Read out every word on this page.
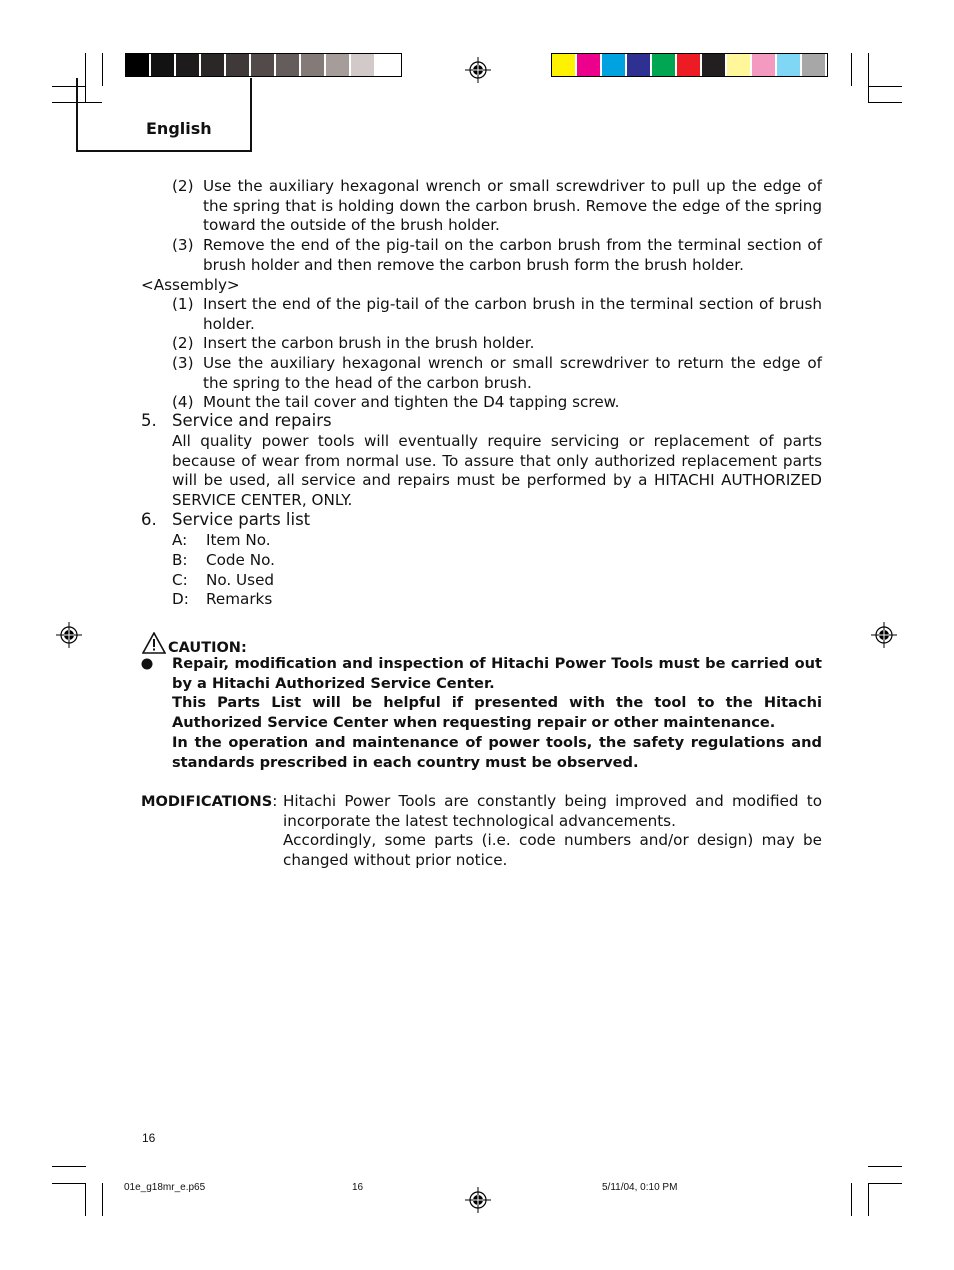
English
(2) Use the auxiliary hexagonal wrench or small screwdriver to pull up the edge of the spring that is holding down the carbon brush. Remove the edge of the spring toward the outside of the brush holder.
(3) Remove the end of the pig-tail on the carbon brush from the terminal section of brush holder and then remove the carbon brush form the brush holder.
<Assembly>
(1) Insert the end of the pig-tail of the carbon brush in the terminal section of brush holder.
(2) Insert the carbon brush in the brush holder.
(3) Use the auxiliary hexagonal wrench or small screwdriver to return the edge of the spring to the head of the carbon brush.
(4) Mount the tail cover and tighten the D4 tapping screw.
5. Service and repairs
All quality power tools will eventually require servicing or replacement of parts because of wear from normal use. To assure that only authorized replacement parts will be used, all service and repairs must be performed by a HITACHI AUTHORIZED SERVICE CENTER, ONLY.
6. Service parts list
A: Item No.
B: Code No.
C: No. Used
D: Remarks
CAUTION:
Repair, modification and inspection of Hitachi Power Tools must be carried out by a Hitachi Authorized Service Center.
This Parts List will be helpful if presented with the tool to the Hitachi Authorized Service Center when requesting repair or other maintenance.
In the operation and maintenance of power tools, the safety regulations and standards prescribed in each country must be observed.
MODIFICATIONS: Hitachi Power Tools are constantly being improved and modified to incorporate the latest technological advancements.
Accordingly, some parts (i.e. code numbers and/or design) may be changed without prior notice.
16
01e_g18mr_e.p65	16	5/11/04, 0:10 PM
